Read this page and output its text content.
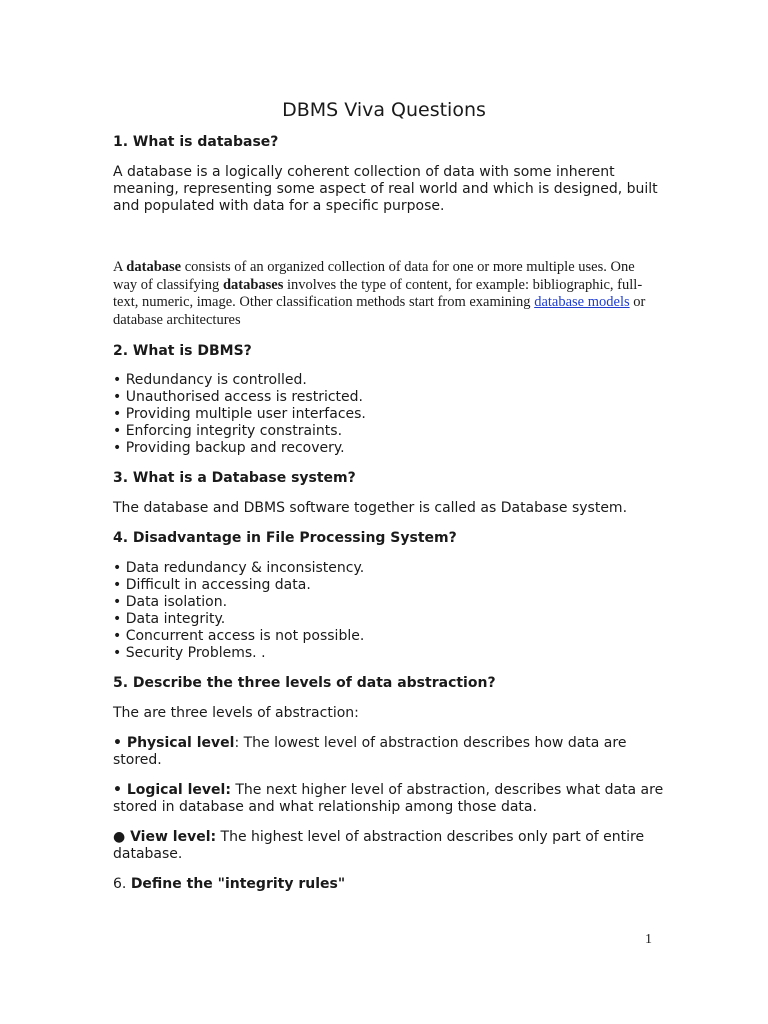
DBMS Viva Questions
1. What is database?
A database is a logically coherent collection of data with some inherent meaning, representing some aspect of real world and which is designed, built and populated with data for a specific purpose.
A database consists of an organized collection of data for one or more multiple uses. One way of classifying databases involves the type of content, for example: bibliographic, full-text, numeric, image. Other classification methods start from examining database models or database architectures
2. What is DBMS?
• Redundancy is controlled.
• Unauthorised access is restricted.
• Providing multiple user interfaces.
• Enforcing integrity constraints.
• Providing backup and recovery.
3. What is a Database system?
The database and DBMS software together is called as Database system.
4. Disadvantage in File Processing System?
• Data redundancy & inconsistency.
• Difficult in accessing data.
• Data isolation.
• Data integrity.
• Concurrent access is not possible.
• Security Problems. .
5. Describe the three levels of data abstraction?
The are three levels of abstraction:
• Physical level: The lowest level of abstraction describes how data are stored.
• Logical level: The next higher level of abstraction, describes what data are stored in database and what relationship among those data.
● View level: The highest level of abstraction describes only part of entire database.
6. Define the "integrity rules"
1
